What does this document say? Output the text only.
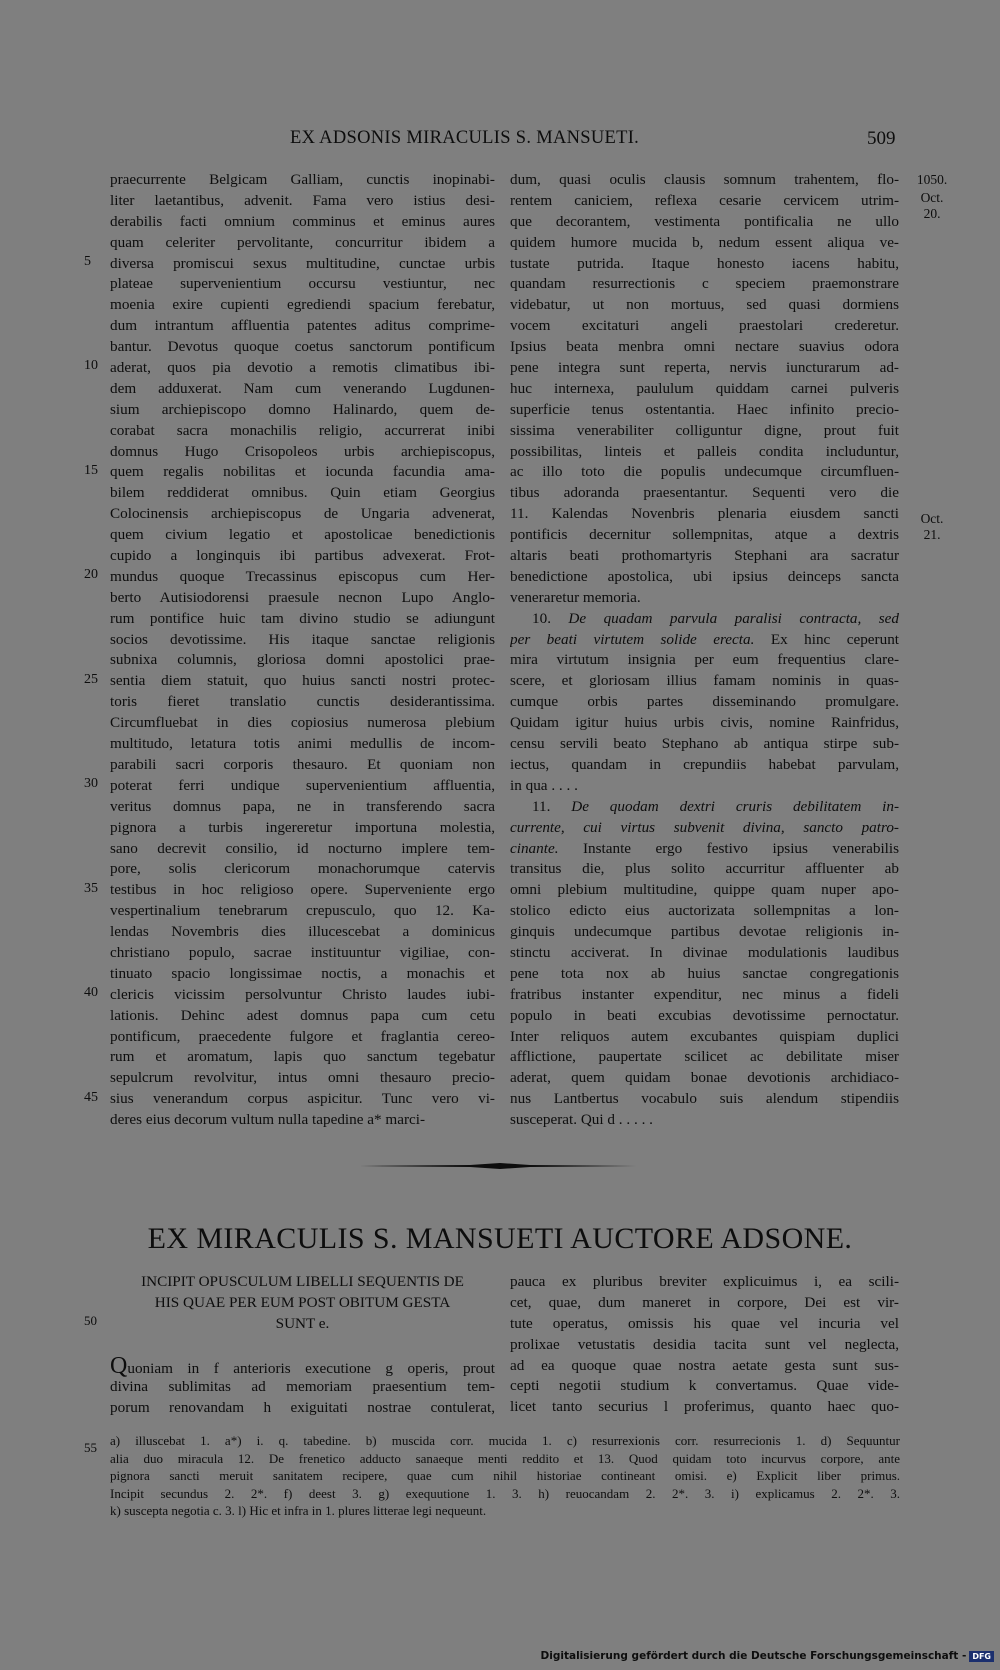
EX ADSONIS MIRACULIS S. MANSUETI.	509
praecurrente Belgicam Galliam, cunctis inopinabi-
liter laetantibus, advenit. Fama vero istius desi-
derabilis facti omnium comminus et eminus aures
quam celeriter pervolitante, concurritur ibidem a
diversa promiscui sexus multitudine, cunctae urbis
plateae supervenientium occursu vestiuntur, nec
moenia exire cupienti egrediendi spacium ferebatur,
dum intrantum affluentia patentes aditus comprime-
bantur. Devotus quoque coetus sanctorum pontificum
aderat, quos pia devotio a remotis climatibus ibi-
dem adduxerat. Nam cum venerando Lugdunen-
sium archiepiscopo domno Halinardo, quem de-
corabat sacra monachilis religio, accurrerat inibi
domnus Hugo Crisopoleos urbis archiepiscopus,
quem regalis nobilitas et iocunda facundia ama-
bilem reddiderat omnibus. Quin etiam Georgius
Colocinensis archiepiscopus de Ungaria advenerat,
quem civium legatio et apostolicae benedictionis
cupido a longinquis ibi partibus advexerat. Frot-
mundus quoque Trecassinus episcopus cum Her-
berto Autisiodorensi praesule necnon Lupo Anglo-
rum pontifice huic tam divino studio se adiungunt
socios devotissime. His itaque sanctae religionis
subnixa columnis, gloriosa domni apostolici prae-
sentia diem statuit, quo huius sancti nostri protec-
toris fieret translatio cunctis desiderantissima.
Circumfluebat in dies copiosius numerosa plebium
multitudo, letatura totis animi medullis de incom-
parabili sacri corporis thesauro. Et quoniam non
poterat ferri undique supervenientium affluentia,
veritus domnus papa, ne in transferendo sacra
pignora a turbis ingereretur importuna molestia,
sano decrevit consilio, id nocturno implere tem-
pore, solis clericorum monachorumque catervis
testibus in hoc religioso opere. Superveniente ergo
vespertinalium tenebrarum crepusculo, quo 12. Ka-
lendas Novembris dies illucescebat a dominicus
christiano populo, sacrae instituuntur vigiliae, con-
tinuato spacio longissimae noctis, a monachis et
clericis vicissim persolvuntur Christo laudes iubi-
lationis. Dehinc adest domnus papa cum cetu
pontificum, praecedente fulgore et fraglantia cereo-
rum et aromatum, lapis quo sanctum tegebatur
sepulcrum revolvitur, intus omni thesauro precio-
sius venerandum corpus aspicitur. Tunc vero vi-
deres eius decorum vultum nulla tapedine a* marci-
5
10
15
20
25
30
35
40
45
dum, quasi oculis clausis somnum trahentem, flo-
rentem caniciem, reflexa cesarie cervicem utrim-
que decorantem, vestimenta pontificalia ne ullo
quidem humore mucida b, nedum essent aliqua ve-
tustate putrida. Itaque honesto iacens habitu,
quandam resurrectionis c speciem praemonstrare
videbatur, ut non mortuus, sed quasi dormiens
vocem excitaturi angeli praestolari crederetur.
Ipsius beata menbra omni nectare suavius odora
pene integra sunt reperta, nervis iuncturarum ad-
huc internexa, paululum quiddam carnei pulveris
superficie tenus ostentantia. Haec infinito precio-
sissima venerabiliter colliguntur digne, prout fuit
possibilitas, linteis et palleis condita includuntur,
ac illo toto die populis undecumque circumfluen-
tibus adoranda praesentantur. Sequenti vero die
11. Kalendas Novenbris plenaria eiusdem sancti
pontificis decernitur sollempnitas, atque a dextris
altaris beati prothomartyris Stephani ara sacratur
benedictione apostolica, ubi ipsius deinceps sancta
veneraretur memoria.
10. De quadam parvula paralisi contracta, sed
per beati virtutem solide erecta. Ex hinc ceperunt
mira virtutum insignia per eum frequentius clare-
scere, et gloriosam illius famam nominis in quas-
cumque orbis partes disseminando promulgare.
Quidam igitur huius urbis civis, nomine Rainfridus,
censu servili beato Stephano ab antiqua stirpe sub-
iectus, quandam in crepundiis habebat parvulam,
in qua . . . .
11. De quodam dextri cruris debilitatem in-
currente, cui virtus subvenit divina, sancto patro-
cinante. Instante ergo festivo ipsius venerabilis
transitus die, plus solito accurritur affluenter ab
omni plebium multitudine, quippe quam nuper apo-
stolico edicto eius auctorizata sollempnitas a lon-
ginquis undecumque partibus devotae religionis in-
stinctu acciverat. In divinae modulationis laudibus
pene tota nox ab huius sanctae congregationis
fratribus instanter expenditur, nec minus a fideli
populo in beati excubias devotissime pernoctatur.
Inter reliquos autem excubantes quispiam duplici
afflictione, paupertate scilicet ac debilitate miser
aderat, quem quidam bonae devotionis archidiaco-
nus Lantbertus vocabulo suis alendum stipendiis
susceperat. Qui d . . . . .
1050.
Oct.
20.
Oct.
21.
EX MIRACULIS S. MANSUETI AUCTORE ADSONE.
INCIPIT OPUSCULUM LIBELLI SEQUENTIS DE
HIS QUAE PER EUM POST OBITUM GESTA
SUNT e.
Quoniam in f anterioris executione g operis, prout
divina sublimitas ad memoriam praesentium tem-
porum renovandam h exiguitati nostrae contulerat,
pauca ex pluribus breviter explicuimus i, ea scili-
cet, quae, dum maneret in corpore, Dei est vir-
tute operatus, omissis his quae vel incuria vel
prolixae vetustatis desidia tacita sunt vel neglecta,
ad ea quoque quae nostra aetate gesta sunt sus-
cepti negotii studium k convertamus. Quae vide-
licet tanto securius l proferimus, quanto haec quo-
50
55 a) illuscebat 1. a*) i. q. tabedine. b) muscida corr. mucida 1. c) resurrexionis corr. resurrecionis 1. d) Sequuntur
alia duo miracula 12. De frenetico adducto sanaeque menti reddito et 13. Quod quidam toto incurvus corpore, ante
pignora sancti meruit sanitatem recipere, quae cum nihil historiae contineant omisi. e) Explicit liber primus.
Incipit secundus 2. 2*. f) deest 3. g) exequutione 1. 3. h) reuocandam 2. 2*. 3. i) explicamus 2. 2*. 3.
k) suscepta negotia c. 3. l) Hic et infra in 1. plures litterae legi nequeunt.
Digitalisierung gefördert durch die Deutsche Forschungsgemeinschaft - DFG
